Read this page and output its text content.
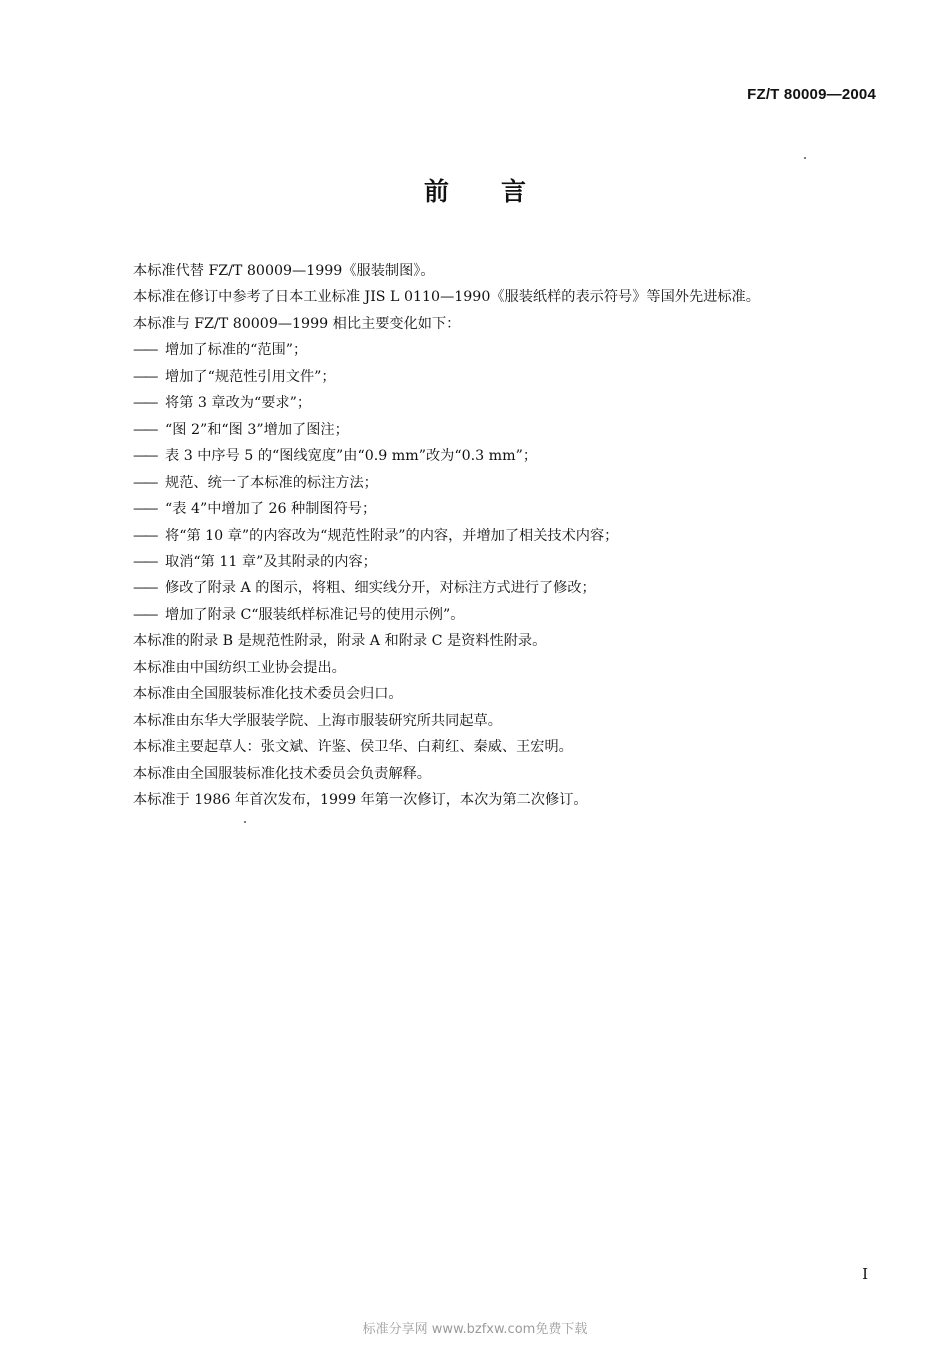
FZ/T 80009—2004
前 言

本标准代替 FZ/T 80009—1999《服装制图》。

本标准在修订中参考了日本工业标准 JIS L 0110—1990《服装纸样的表示符号》等国外先进标准。

本标准与 FZ/T 80009—1999 相比主要变化如下：

—— 增加了标准的“范围”；

—— 增加了“规范性引用文件”；

—— 将第 3 章改为“要求”；

—— “图 2”和“图 3”增加了图注；

—— 表 3 中序号 5 的“图线宽度”由“0.9 mm”改为“0.3 mm”；

—— 规范、统一了本标准的标注方法；

—— “表 4”中增加了 26 种制图符号；

—— 将“第 10 章”的内容改为“规范性附录”的内容，并增加了相关技术内容；

—— 取消“第 11 章”及其附录的内容；

—— 修改了附录 A 的图示，将粗、细实线分开，对标注方式进行了修改；

—— 增加了附录 C“服装纸样标准记号的使用示例”。

本标准的附录 B 是规范性附录，附录 A 和附录 C 是资料性附录。

本标准由中国纺织工业协会提出。

本标准由全国服装标准化技术委员会归口。

本标准由东华大学服装学院、上海市服装研究所共同起草。

本标准主要起草人：张文斌、许鉴、侯卫华、白莉红、秦威、王宏明。

本标准由全国服装标准化技术委员会负责解释。

本标准于 1986 年首次发布，1999 年第一次修订，本次为第二次修订。

I
标准分享网 www.bzfxw.com免费下载
